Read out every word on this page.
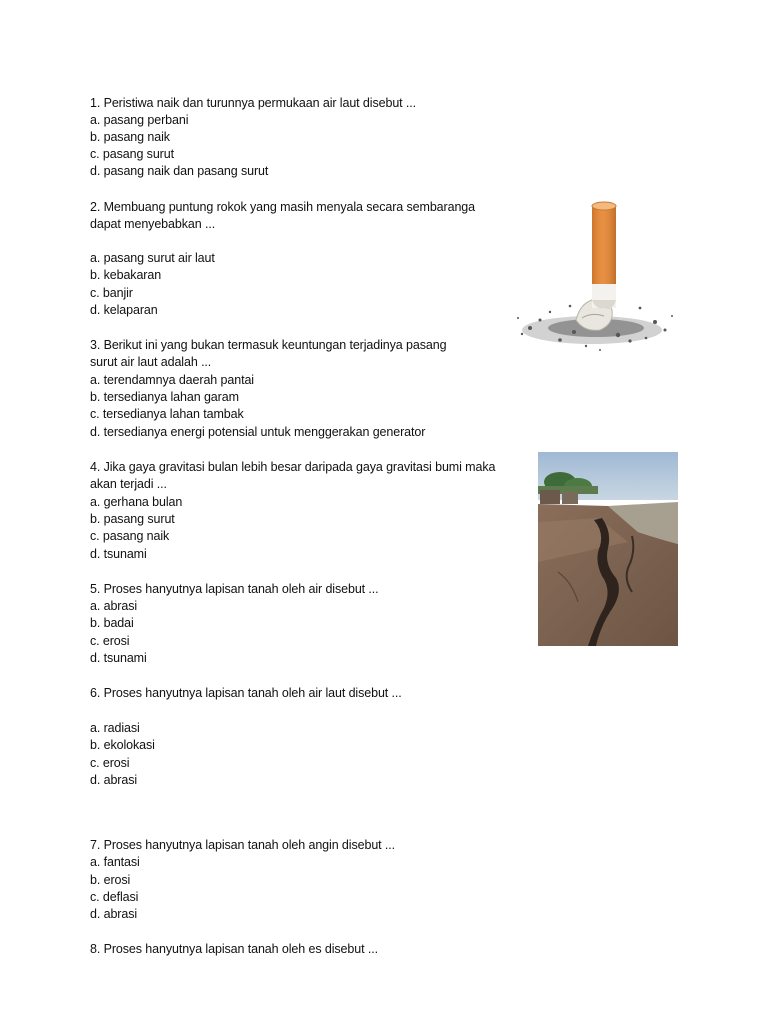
1. Peristiwa naik dan turunnya permukaan air laut disebut ...
a. pasang perbani
b. pasang naik
c. pasang surut
d. pasang naik dan pasang surut
2. Membuang puntung rokok yang masih menyala secara sembaranga
dapat menyebabkan ...
a. pasang surut air laut
b. kebakaran
c. banjir
d. kelaparan
3. Berikut ini yang bukan termasuk keuntungan terjadinya pasang
surut air laut adalah ...
a. terendamnya daerah pantai
b. tersedianya lahan garam
c. tersedianya lahan tambak
d. tersedianya energi potensial untuk menggerakan generator
4. Jika gaya gravitasi bulan lebih besar daripada gaya gravitasi bumi maka
akan terjadi ...
a. gerhana bulan
b. pasang surut
c. pasang naik
d. tsunami
5. Proses hanyutnya lapisan tanah oleh air disebut ...
a. abrasi
b. badai
c. erosi
d. tsunami
6. Proses hanyutnya lapisan tanah oleh air laut disebut ...
a. radiasi
b. ekolokasi
c. erosi
d. abrasi
7. Proses hanyutnya lapisan tanah oleh angin disebut ...
a. fantasi
b. erosi
c. deflasi
d. abrasi
8. Proses hanyutnya lapisan tanah oleh es disebut ...
